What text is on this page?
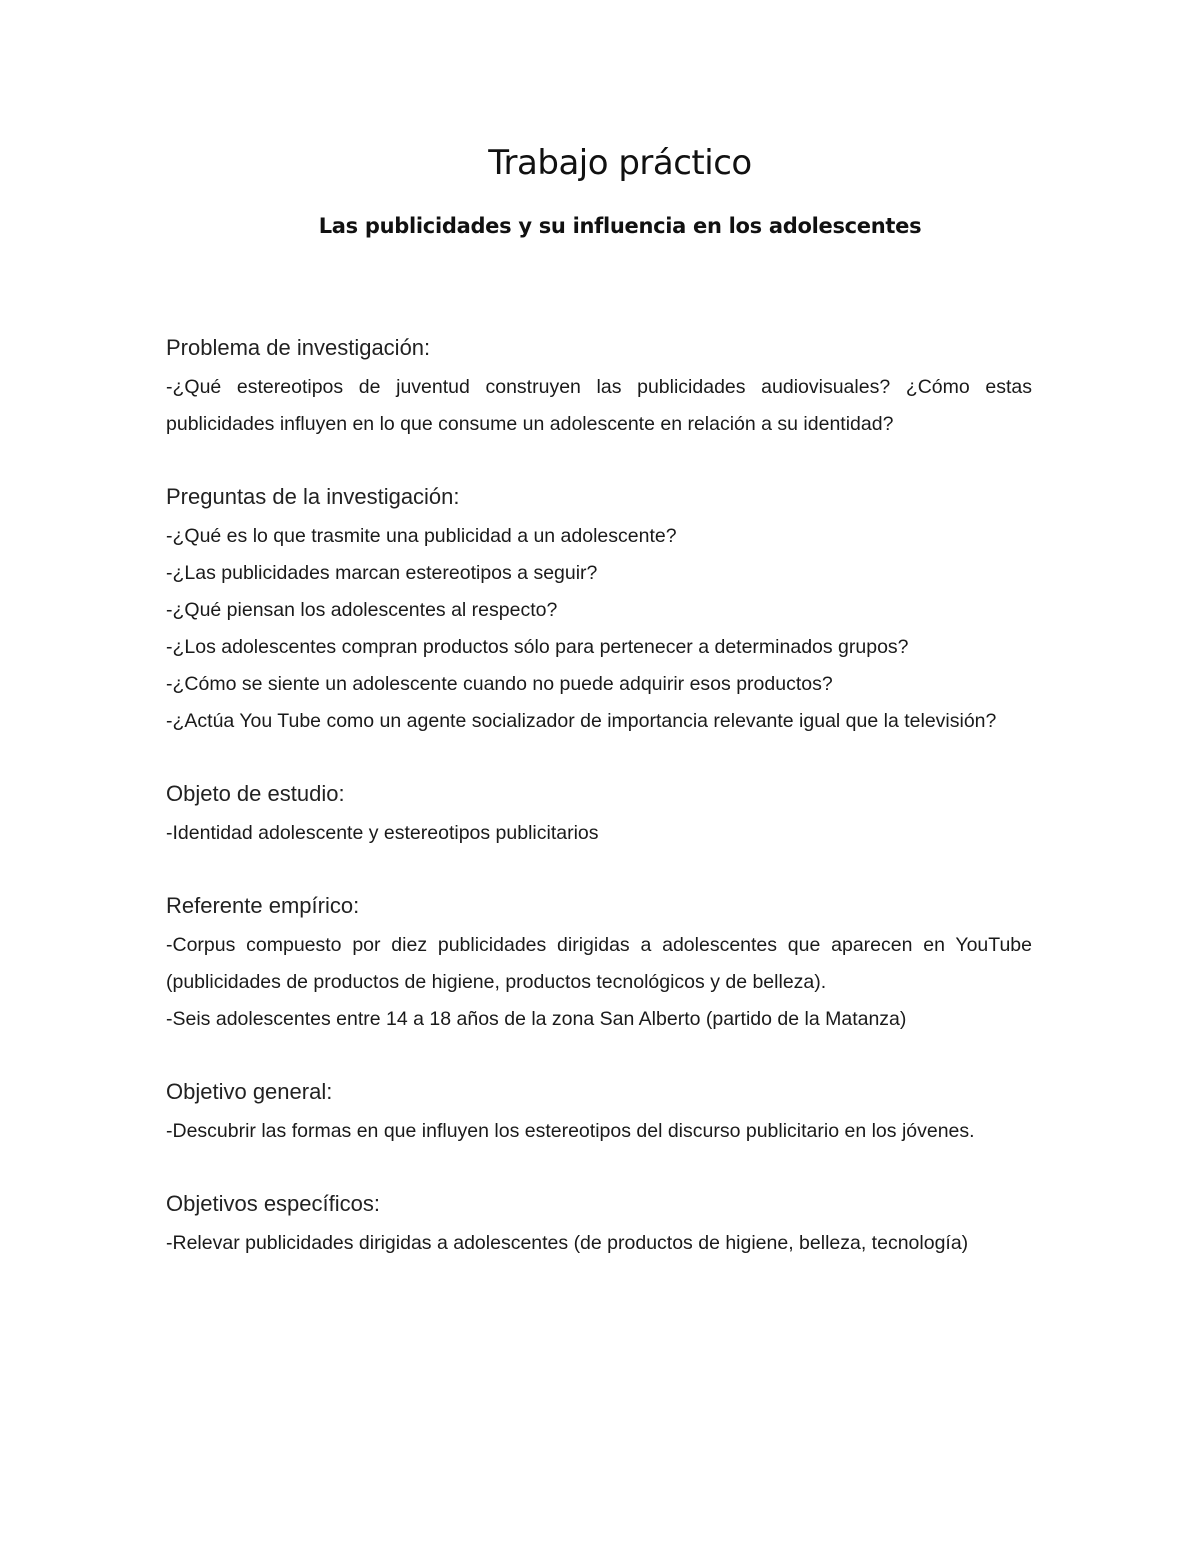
Trabajo práctico
Las publicidades y su influencia en los adolescentes

Problema de investigación:

-¿Qué estereotipos de juventud construyen las publicidades audiovisuales? ¿Cómo estas publicidades influyen en lo que consume un adolescente en relación a su identidad?

Preguntas de la investigación:

-¿Qué es lo que trasmite una publicidad a un adolescente?

-¿Las publicidades marcan estereotipos a seguir?

-¿Qué piensan los adolescentes al respecto?

-¿Los adolescentes compran productos sólo para pertenecer a determinados grupos?

-¿Cómo se siente un adolescente cuando no puede adquirir esos productos?

-¿Actúa You Tube como un agente socializador de importancia relevante igual que la televisión?

Objeto de estudio:

-Identidad adolescente y estereotipos publicitarios

Referente empírico:

-Corpus compuesto por diez publicidades dirigidas a adolescentes que aparecen en YouTube (publicidades de productos de higiene, productos tecnológicos y de belleza).

-Seis adolescentes entre 14 a 18 años de la zona San Alberto (partido de la Matanza)

Objetivo general:

-Descubrir las formas en que influyen los estereotipos del discurso publicitario en los jóvenes.

Objetivos específicos:

-Relevar publicidades dirigidas a adolescentes (de productos de higiene, belleza, tecnología)
